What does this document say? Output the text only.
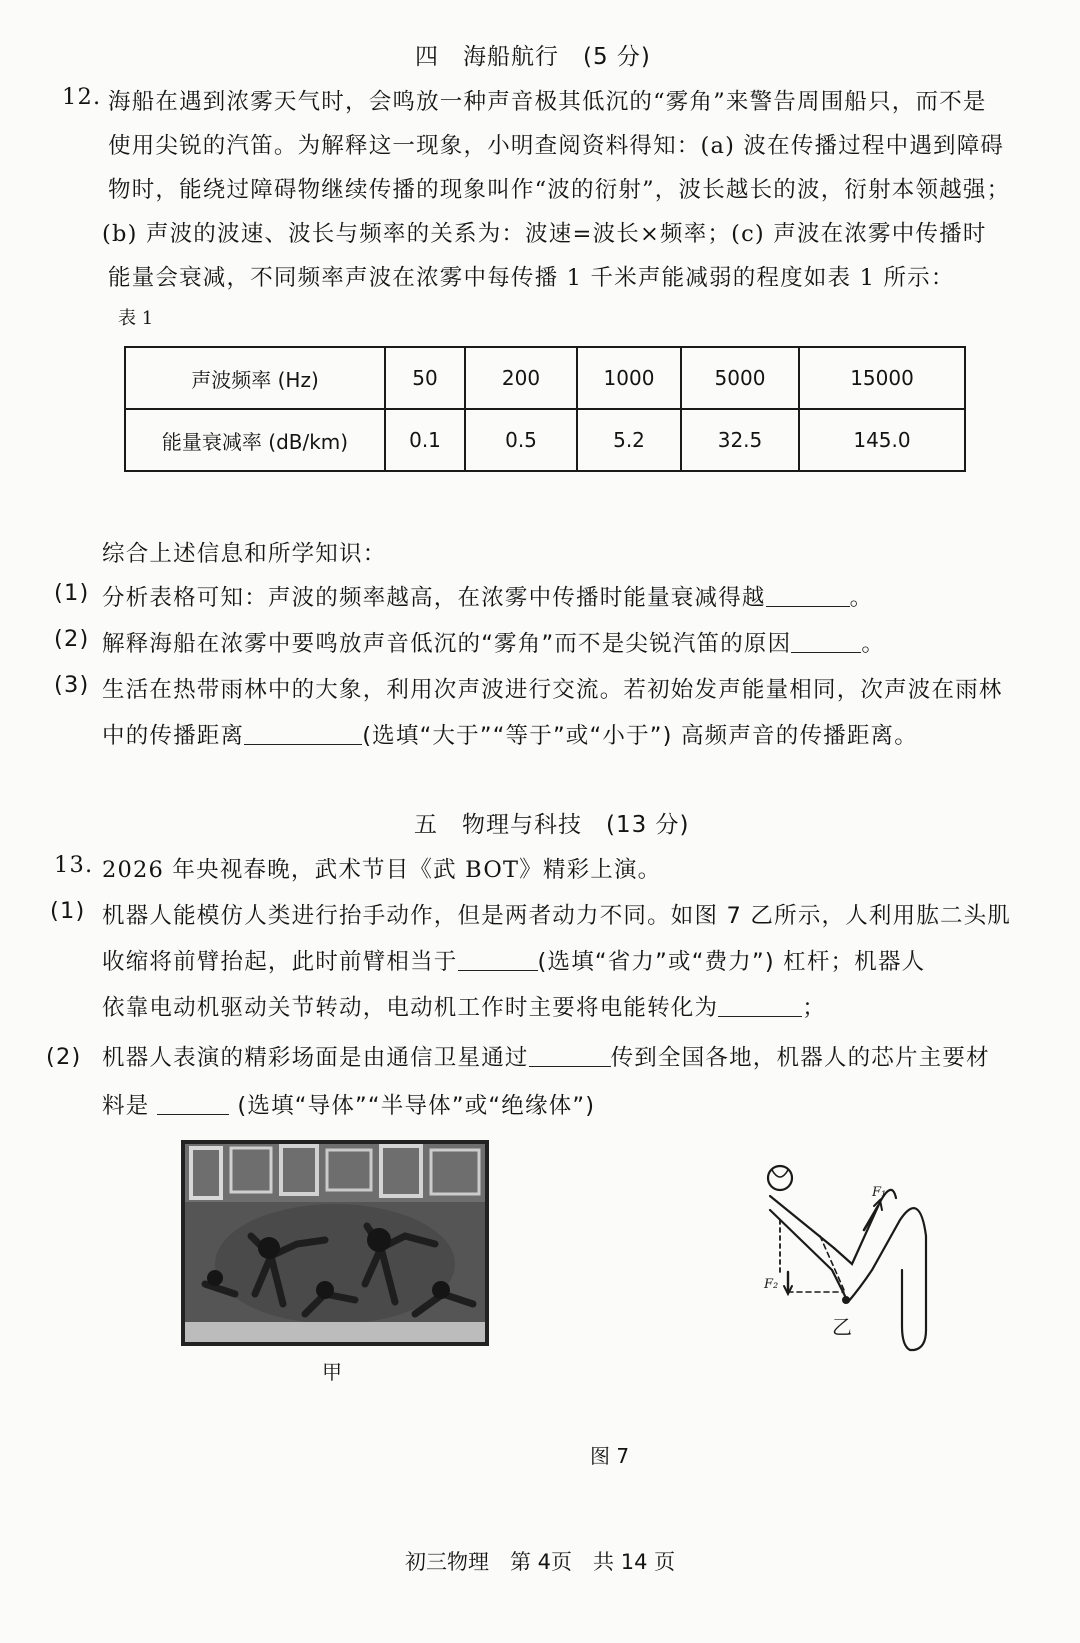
四　海船航行　(5 分)
12. 海船在遇到浓雾天气时，会鸣放一种声音极其低沉的“雾角”来警告周围船只，而不是
使用尖锐的汽笛。为解释这一现象，小明查阅资料得知：(a) 波在传播过程中遇到障碍
物时，能绕过障碍物继续传播的现象叫作“波的衍射”，波长越长的波，衍射本领越强；
(b) 声波的波速、波长与频率的关系为：波速=波长×频率；(c) 声波在浓雾中传播时
能量会衰减，不同频率声波在浓雾中每传播 1 千米声能减弱的程度如表 1 所示：
表 1
声波频率 (Hz)	50	200	1000	5000	15000
能量衰减率 (dB/km)	0.1	0.5	5.2	32.5	145.0
综合上述信息和所学知识：
(1) 分析表格可知：声波的频率越高，在浓雾中传播时能量衰减得越	。
(2) 解释海船在浓雾中要鸣放声音低沉的“雾角”而不是尖锐汽笛的原因	。
(3) 生活在热带雨林中的大象，利用次声波进行交流。若初始发声能量相同，次声波在雨林
中的传播距离	(选填“大于”“等于”或“小于”) 高频声音的传播距离。
五　物理与科技　(13 分)
13. 2026 年央视春晚，武术节目《武 BOT》精彩上演。
(1) 机器人能模仿人类进行抬手动作，但是两者动力不同。如图 7 乙所示，人利用肱二头肌
收缩将前臂抬起，此时前臂相当于	(选填“省力”或“费力”) 杠杆；机器人
依靠电动机驱动关节转动，电动机工作时主要将电能转化为	；
(2) 机器人表演的精彩场面是由通信卫星通过	传到全国各地，机器人的芯片主要材
料是	(选填“导体”“半导体”或“绝缘体”)
甲
F₁
F₂
乙
图 7
初三物理　第 4页　共 14 页
